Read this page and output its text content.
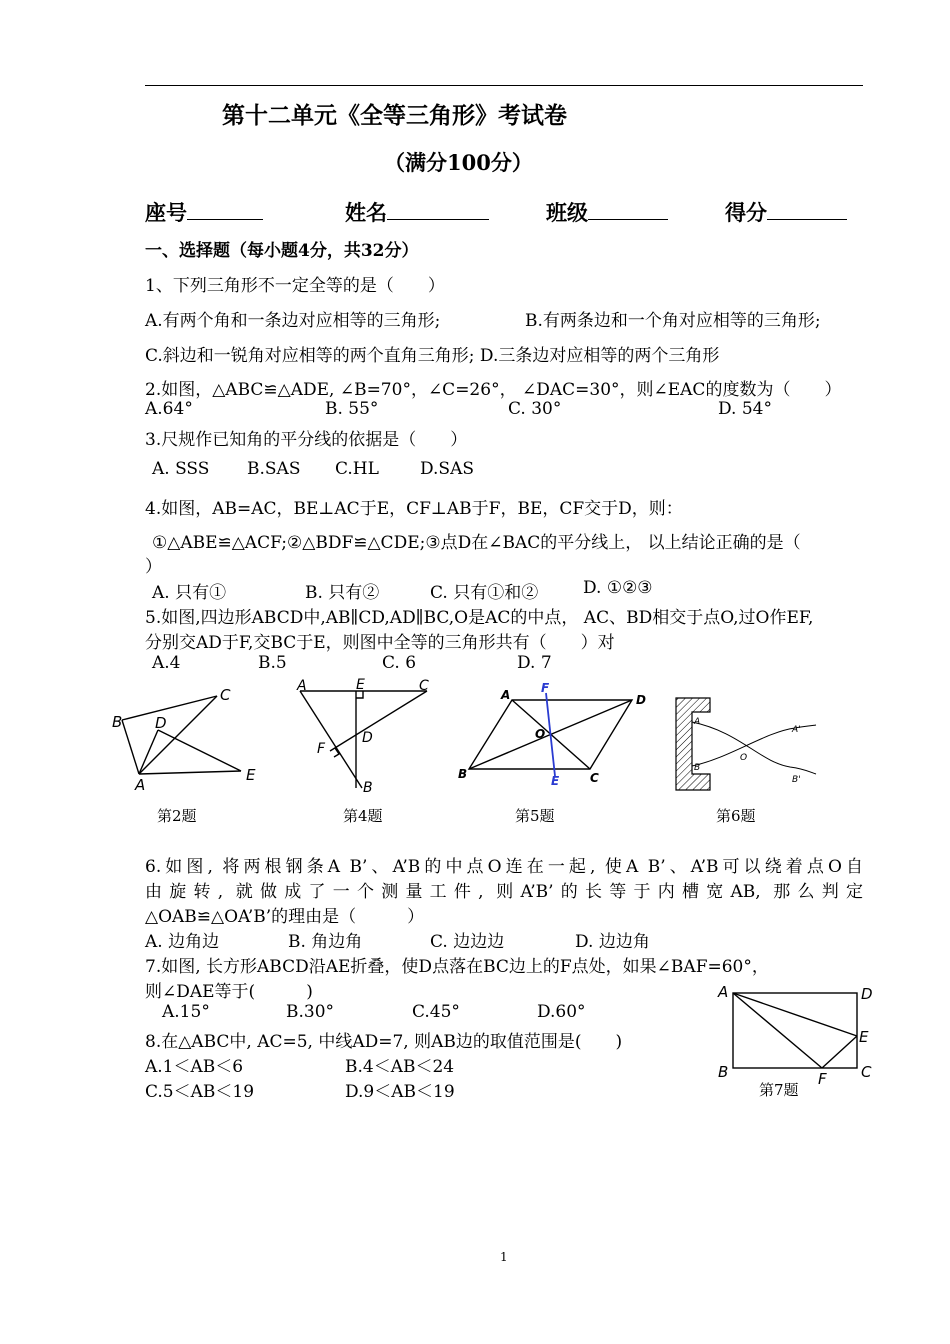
第十二单元《全等三角形》考试卷
（满分100分）
座号	姓名	班级	得分
一、选择题（每小题4分，共32分）
1、下列三角形不一定全等的是（　　）
A.有两个角和一条边对应相等的三角形;	B.有两条边和一个角对应相等的三角形;
C.斜边和一锐角对应相等的两个直角三角形; D.三条边对应相等的两个三角形
2.如图，△ABC≌△ADE, ∠B=70°，∠C=26°， ∠DAC=30°，则∠EAC的度数为（　　）
A.64°	B. 55°	C. 30°	D. 54°
3.尺规作已知角的平分线的依据是（　　）
A. SSS B.SAS C.HL D.SAS
4.如图，AB=AC，BE⊥AC于E，CF⊥AB于F，BE，CF交于D，则：
①△ABE≌△ACF;②△BDF≌△CDE;③点D在∠BAC的平分线上， 以上结论正确的是（
）
A. 只有①	B. 只有②	C. 只有①和②	D. ①②③
5.如图,四边形ABCD中,AB∥CD,AD∥BC,O是AC的中点， AC、BD相交于点O,过O作EF,
分别交AD于F,交BC于E，则图中全等的三角形共有（　　）对
A.4	B.5	C. 6	D. 7
C
B D
A
E
第2题
A	E	C
F
D
B
第4题
A	F
D
O
B	E	C
第5题
A
B
A'
O
B'
第6题
6.如图, 将两根钢条A B’、A’B的中点O连在一起, 使A B’、A’B可以绕着点O自
由旋转, 就做成了一个测量工件, 则A’B’的长等于内槽宽AB, 那么判定
△OAB≌△OA’B’的理由是（　　　）
A. 边角边	B. 角边角	C. 边边边	D. 边边角
7.如图, 长方形ABCD沿AE折叠，使D点落在BC边上的F点处，如果∠BAF=60°，
则∠DAE等于(　　　)
A.15°	B.30°	C.45°	D.60°
A	D
E
B	F C
第7题
8.在△ABC中, AC=5, 中线AD=7, 则AB边的取值范围是(　　)
A.1＜AB＜6	B.4＜AB＜24
C.5＜AB＜19	D.9＜AB＜19
1
